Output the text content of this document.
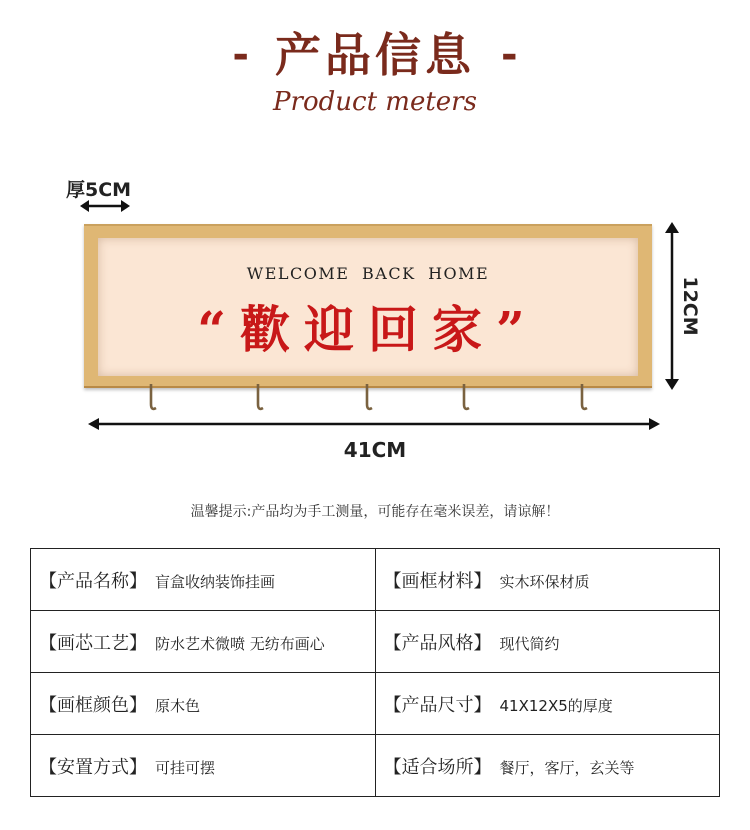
- 产品信息 -
Product meters
厚5CM
WELCOME BACK HOME
“歡迎回家”	12CM
41CM
温馨提示:产品均为手工测量，可能存在毫米误差，请谅解！
【产品名称】 盲盒收纳装饰挂画	【画框材料】 实木环保材质
【画芯工艺】 防水艺术微喷 无纺布画心	【产品风格】 现代简约
【画框颜色】 原木色	【产品尺寸】 41X12X5的厚度
【安置方式】 可挂可摆	【适合场所】 餐厅，客厅，玄关等
